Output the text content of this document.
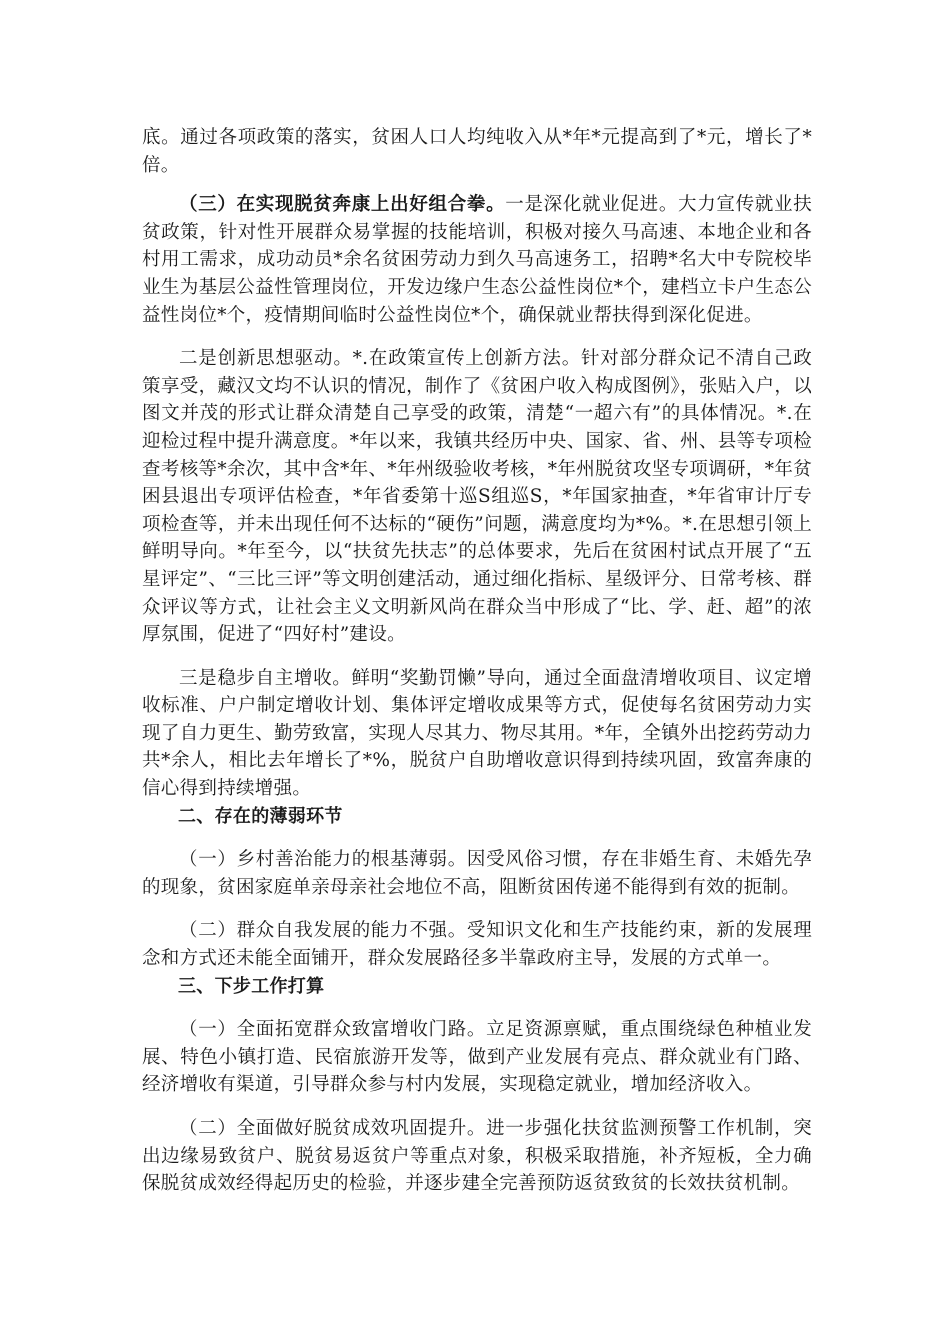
底。通过各项政策的落实，贫困人口人均纯收入从*年*元提高到了*元，增长了*倍。

（三）在实现脱贫奔康上出好组合拳。一是深化就业促进。大力宣传就业扶贫政策，针对性开展群众易掌握的技能培训，积极对接久马高速、本地企业和各村用工需求，成功动员*余名贫困劳动力到久马高速务工，招聘*名大中专院校毕业生为基层公益性管理岗位，开发边缘户生态公益性岗位*个，建档立卡户生态公益性岗位*个，疫情期间临时公益性岗位*个，确保就业帮扶得到深化促进。

二是创新思想驱动。*.在政策宣传上创新方法。针对部分群众记不清自己政策享受，藏汉文均不认识的情况，制作了《贫困户收入构成图例》，张贴入户，以图文并茂的形式让群众清楚自己享受的政策，清楚“一超六有”的具体情况。*.在迎检过程中提升满意度。*年以来，我镇共经历中央、国家、省、州、县等专项检查考核等*余次，其中含*年、*年州级验收考核，*年州脱贫攻坚专项调研，*年贫困县退出专项评估检查，*年省委第十巡S组巡S，*年国家抽查，*年省审计厅专项检查等，并未出现任何不达标的“硬伤”问题，满意度均为*%。*.在思想引领上鲜明导向。*年至今，以“扶贫先扶志”的总体要求，先后在贫困村试点开展了“五星评定”、“三比三评”等文明创建活动，通过细化指标、星级评分、日常考核、群众评议等方式，让社会主义文明新风尚在群众当中形成了“比、学、赶、超”的浓厚氛围，促进了“四好村”建设。

三是稳步自主增收。鲜明“奖勤罚懒”导向，通过全面盘清增收项目、议定增收标准、户户制定增收计划、集体评定增收成果等方式，促使每名贫困劳动力实现了自力更生、勤劳致富，实现人尽其力、物尽其用。*年，全镇外出挖药劳动力共*余人，相比去年增长了*%，脱贫户自助增收意识得到持续巩固，致富奔康的信心得到持续增强。

二、存在的薄弱环节

（一）乡村善治能力的根基薄弱。因受风俗习惯，存在非婚生育、未婚先孕的现象，贫困家庭单亲母亲社会地位不高，阻断贫困传递不能得到有效的扼制。

（二）群众自我发展的能力不强。受知识文化和生产技能约束，新的发展理念和方式还未能全面铺开，群众发展路径多半靠政府主导，发展的方式单一。

三、下步工作打算

（一）全面拓宽群众致富增收门路。立足资源禀赋，重点围绕绿色种植业发展、特色小镇打造、民宿旅游开发等，做到产业发展有亮点、群众就业有门路、经济增收有渠道，引导群众参与村内发展，实现稳定就业，增加经济收入。

（二）全面做好脱贫成效巩固提升。进一步强化扶贫监测预警工作机制，突出边缘易致贫户、脱贫易返贫户等重点对象，积极采取措施，补齐短板，全力确保脱贫成效经得起历史的检验，并逐步建全完善预防返贫致贫的长效扶贫机制。
